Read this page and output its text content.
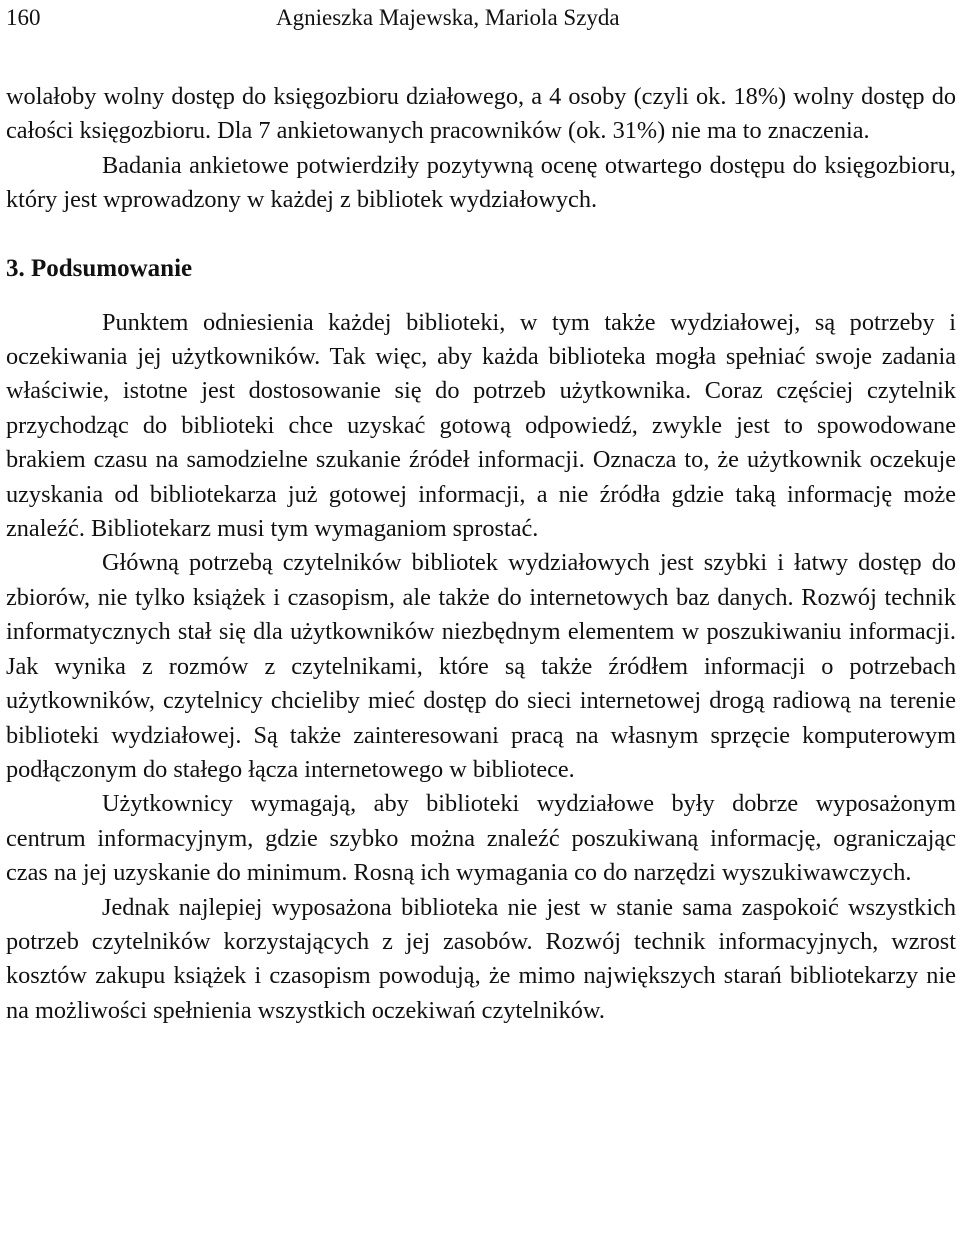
160	Agnieszka Majewska, Mariola Szyda

wolałoby wolny dostęp do księgozbioru działowego, a 4 osoby (czyli ok. 18%) wolny dostęp do całości księgozbioru. Dla 7 ankietowanych pracowników (ok. 31%) nie ma to znaczenia.

Badania ankietowe potwierdziły pozytywną ocenę otwartego dostępu do księgozbioru, który jest wprowadzony w każdej z bibliotek wydziałowych.

3. Podsumowanie

Punktem odniesienia każdej biblioteki, w tym także wydziałowej, są potrzeby i oczekiwania jej użytkowników. Tak więc, aby każda biblioteka mogła spełniać swoje zadania właściwie, istotne jest dostosowanie się do potrzeb użytkownika. Coraz częściej czytelnik przychodząc do biblioteki chce uzyskać gotową odpowiedź, zwykle jest to spowodowane brakiem czasu na samodzielne szukanie źródeł informacji. Oznacza to, że użytkownik oczekuje uzyskania od bibliotekarza już gotowej informacji, a nie źródła gdzie taką informację może znaleźć. Bibliotekarz musi tym wymaganiom sprostać.

Główną potrzebą czytelników bibliotek wydziałowych jest szybki i łatwy dostęp do zbiorów, nie tylko książek i czasopism, ale także do internetowych baz danych. Rozwój technik informatycznych stał się dla użytkowników niezbędnym elementem w poszukiwaniu informacji. Jak wynika z rozmów z czytelnikami, które są także źródłem informacji o potrzebach użytkowników, czytelnicy chcieliby mieć dostęp do sieci internetowej drogą radiową na terenie biblioteki wydziałowej. Są także zainteresowani pracą na własnym sprzęcie komputerowym podłączonym do stałego łącza internetowego w bibliotece.

Użytkownicy wymagają, aby biblioteki wydziałowe były dobrze wyposażonym centrum informacyjnym, gdzie szybko można znaleźć poszukiwaną informację, ograniczając czas na jej uzyskanie do minimum. Rosną ich wymagania co do narzędzi wyszukiwawczych.

Jednak najlepiej wyposażona biblioteka nie jest w stanie sama zaspokoić wszystkich potrzeb czytelników korzystających z jej zasobów. Rozwój technik informacyjnych, wzrost kosztów zakupu książek i czasopism powodują, że mimo największych starań bibliotekarzy nie na możliwości spełnienia wszystkich oczekiwań czytelników.
